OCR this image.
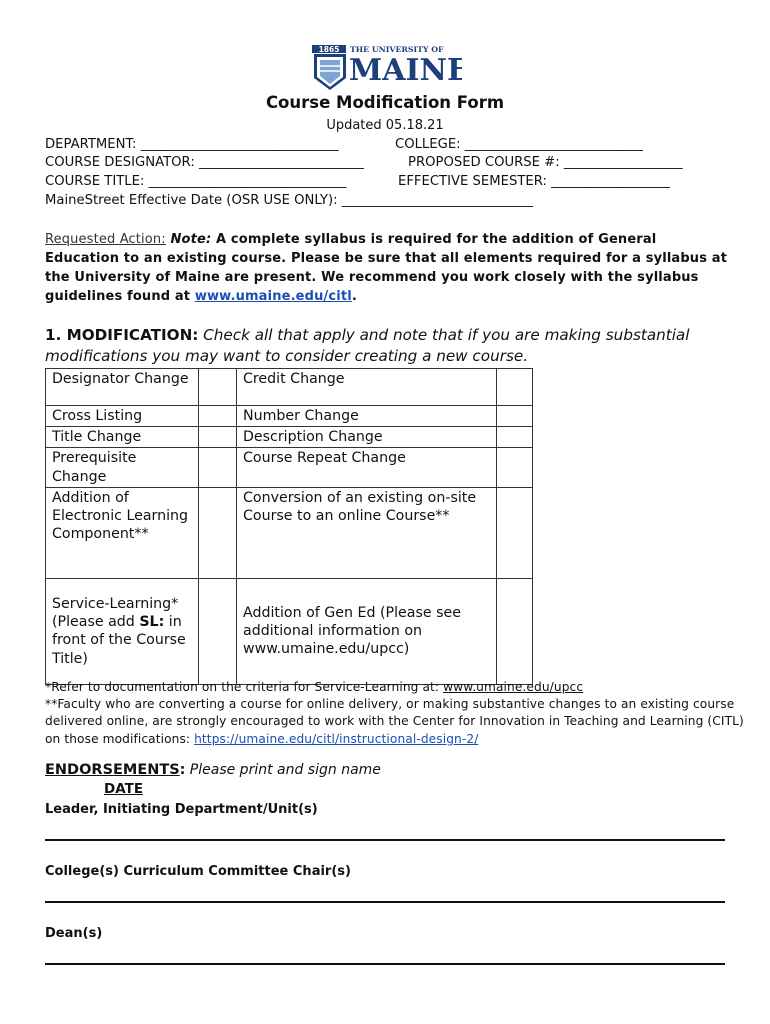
1865 THE UNIVERSITY OF
MAINE
Course Modification Form
Updated 05.18.21
DEPARTMENT: ______________________________	COLLEGE: ___________________________
COURSE DESIGNATOR: _________________________	PROPOSED COURSE #: __________________
COURSE TITLE: ______________________________	EFFECTIVE SEMESTER: __________________
MaineStreet Effective Date (OSR USE ONLY): _____________________________
Requested Action: Note: A complete syllabus is required for the addition of General Education to an existing course. Please be sure that all elements required for a syllabus at the University of Maine are present. We recommend you work closely with the syllabus guidelines found at www.umaine.edu/citl.
1. MODIFICATION: Check all that apply and note that if you are making substantial modifications you may want to consider creating a new course.
Designator Change		Credit Change	
Cross Listing		Number Change	
Title Change		Description Change	
Prerequisite Change		Course Repeat Change	
Addition of Electronic Learning Component**		Conversion of an existing on-site Course to an online Course**	
Service-Learning* (Please add SL: in front of the Course Title)		Addition of Gen Ed (Please see additional information on www.umaine.edu/upcc)	
*Refer to documentation on the criteria for Service-Learning at: www.umaine.edu/upcc
**Faculty who are converting a course for online delivery, or making substantive changes to an existing course delivered online, are strongly encouraged to work with the Center for Innovation in Teaching and Learning (CITL) on those modifications: https://umaine.edu/citl/instructional-design-2/
ENDORSEMENTS: Please print and sign name
DATE
Leader, Initiating Department/Unit(s)
College(s) Curriculum Committee Chair(s)
Dean(s)
